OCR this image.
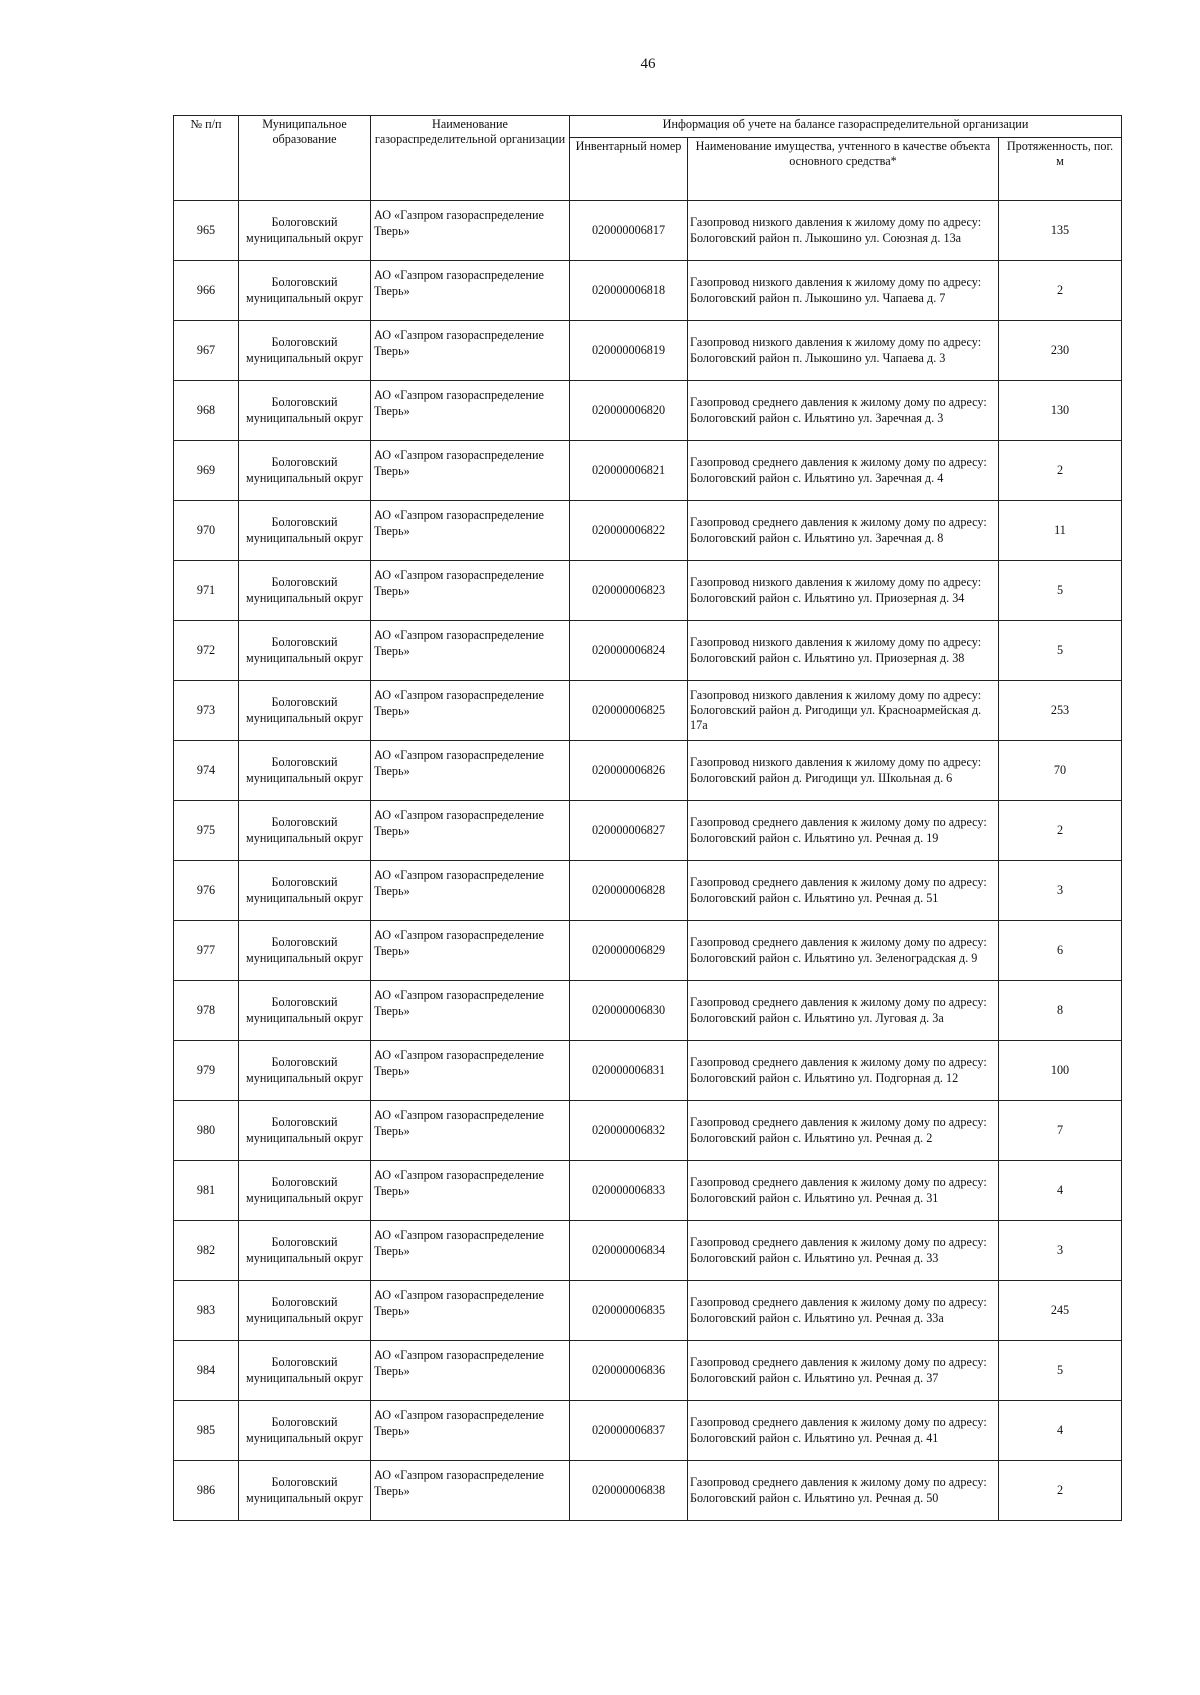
46
№ п/п	Муниципальное образование	Наименование газораспределительной организации	Информация об учете на балансе газораспределительной организации		
			Инвентарный номер	Наименование имущества, учтенного в качестве объекта основного средства*	Протяженность, пог. м
965	Бологовский муниципальный округ	АО «Газпром газораспределение Тверь»	020000006817	Газопровод низкого давления к жилому дому по адресу: Бологовский район п. Лыкошино ул. Союзная д. 13а	135
966	Бологовский муниципальный округ	АО «Газпром газораспределение Тверь»	020000006818	Газопровод низкого давления к жилому дому по адресу: Бологовский район п. Лыкошино ул. Чапаева д. 7	2
967	Бологовский муниципальный округ	АО «Газпром газораспределение Тверь»	020000006819	Газопровод низкого давления к жилому дому по адресу: Бологовский район п. Лыкошино ул. Чапаева д. 3	230
968	Бологовский муниципальный округ	АО «Газпром газораспределение Тверь»	020000006820	Газопровод среднего давления к жилому дому по адресу: Бологовский район с. Ильятино ул. Заречная д. 3	130
969	Бологовский муниципальный округ	АО «Газпром газораспределение Тверь»	020000006821	Газопровод среднего давления к жилому дому по адресу: Бологовский район с. Ильятино ул. Заречная д. 4	2
970	Бологовский муниципальный округ	АО «Газпром газораспределение Тверь»	020000006822	Газопровод среднего давления к жилому дому по адресу: Бологовский район с. Ильятино ул. Заречная д. 8	11
971	Бологовский муниципальный округ	АО «Газпром газораспределение Тверь»	020000006823	Газопровод низкого давления к жилому дому по адресу: Бологовский район с. Ильятино ул. Приозерная д. 34	5
972	Бологовский муниципальный округ	АО «Газпром газораспределение Тверь»	020000006824	Газопровод низкого давления к жилому дому по адресу: Бологовский район с. Ильятино ул. Приозерная д. 38	5
973	Бологовский муниципальный округ	АО «Газпром газораспределение Тверь»	020000006825	Газопровод низкого давления к жилому дому по адресу: Бологовский район д. Ригодищи ул. Красноармейская д. 17а	253
974	Бологовский муниципальный округ	АО «Газпром газораспределение Тверь»	020000006826	Газопровод низкого давления к жилому дому по адресу: Бологовский район д. Ригодищи ул. Школьная д. 6	70
975	Бологовский муниципальный округ	АО «Газпром газораспределение Тверь»	020000006827	Газопровод среднего давления к жилому дому по адресу: Бологовский район с. Ильятино ул. Речная д. 19	2
976	Бологовский муниципальный округ	АО «Газпром газораспределение Тверь»	020000006828	Газопровод среднего давления к жилому дому по адресу: Бологовский район с. Ильятино ул. Речная д. 51	3
977	Бологовский муниципальный округ	АО «Газпром газораспределение Тверь»	020000006829	Газопровод среднего давления к жилому дому по адресу: Бологовский район с. Ильятино ул. Зеленоградская д. 9	6
978	Бологовский муниципальный округ	АО «Газпром газораспределение Тверь»	020000006830	Газопровод среднего давления к жилому дому по адресу: Бологовский район с. Ильятино ул. Луговая д. 3а	8
979	Бологовский муниципальный округ	АО «Газпром газораспределение Тверь»	020000006831	Газопровод среднего давления к жилому дому по адресу: Бологовский район с. Ильятино ул. Подгорная д. 12	100
980	Бологовский муниципальный округ	АО «Газпром газораспределение Тверь»	020000006832	Газопровод среднего давления к жилому дому по адресу: Бологовский район с. Ильятино ул. Речная д. 2	7
981	Бологовский муниципальный округ	АО «Газпром газораспределение Тверь»	020000006833	Газопровод среднего давления к жилому дому по адресу: Бологовский район с. Ильятино ул. Речная д. 31	4
982	Бологовский муниципальный округ	АО «Газпром газораспределение Тверь»	020000006834	Газопровод среднего давления к жилому дому по адресу: Бологовский район с. Ильятино ул. Речная д. 33	3
983	Бологовский муниципальный округ	АО «Газпром газораспределение Тверь»	020000006835	Газопровод среднего давления к жилому дому по адресу: Бологовский район с. Ильятино ул. Речная д. 33а	245
984	Бологовский муниципальный округ	АО «Газпром газораспределение Тверь»	020000006836	Газопровод среднего давления к жилому дому по адресу: Бологовский район с. Ильятино ул. Речная д. 37	5
985	Бологовский муниципальный округ	АО «Газпром газораспределение Тверь»	020000006837	Газопровод среднего давления к жилому дому по адресу: Бологовский район с. Ильятино ул. Речная д. 41	4
986	Бологовский муниципальный округ	АО «Газпром газораспределение Тверь»	020000006838	Газопровод среднего давления к жилому дому по адресу: Бологовский район с. Ильятино ул. Речная д. 50	2
